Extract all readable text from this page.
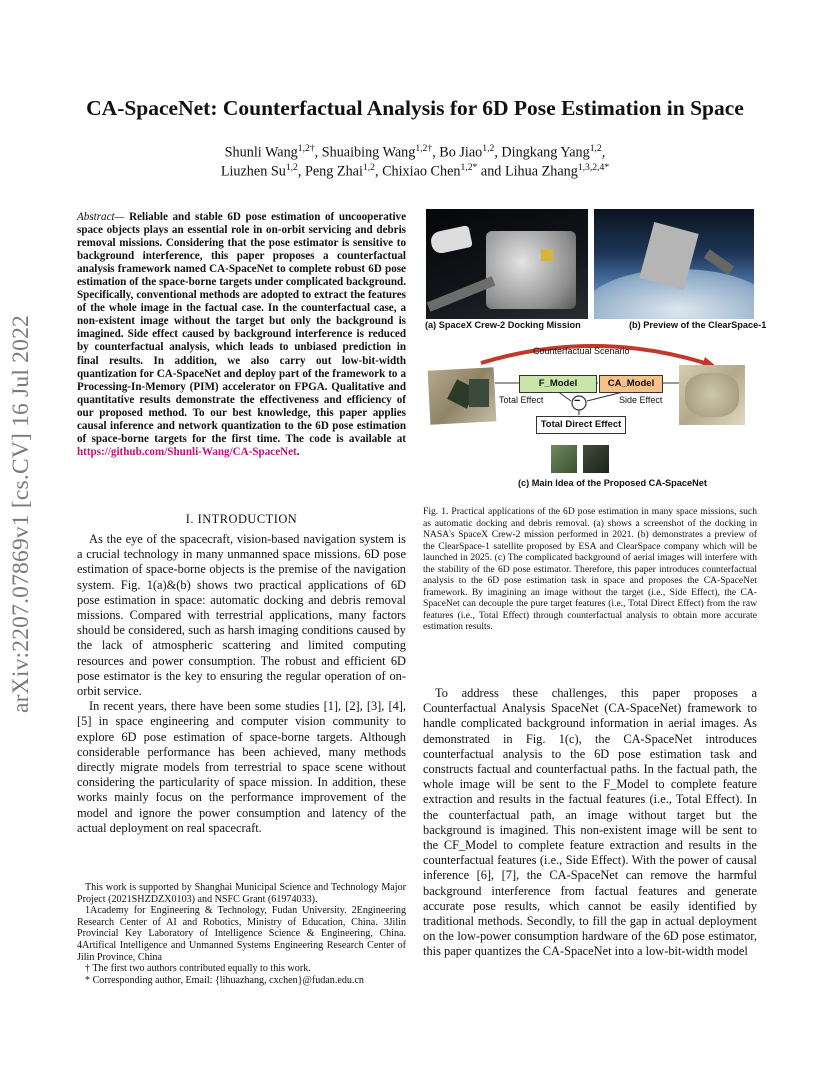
arXiv:2207.07869v1 [cs.CV] 16 Jul 2022
CA-SpaceNet: Counterfactual Analysis for 6D Pose Estimation in Space
Shunli Wang$^{1,2\dagger}$, Shuaibing Wang$^{1,2\dagger}$, Bo Jiao$^{1,2}$, Dingkang Yang$^{1,2}$,
Liuzhen Su$^{1,2}$, Peng Zhai$^{1,2}$, Chixiao Chen$^{1,2*}$ and Lihua Zhang$^{1,3,2,4*}$
Abstract— Reliable and stable 6D pose estimation of uncooperative space objects plays an essential role in on-orbit servicing and debris removal missions. Considering that the pose estimator is sensitive to background interference, this paper proposes a counterfactual analysis framework named CA-SpaceNet to complete robust 6D pose estimation of the space-borne targets under complicated background. Specifically, conventional methods are adopted to extract the features of the whole image in the factual case. In the counterfactual case, a non-existent image without the target but only the background is imagined. Side effect caused by background interference is reduced by counterfactual analysis, which leads to unbiased prediction in final results. In addition, we also carry out low-bit-width quantization for CA-SpaceNet and deploy part of the framework to a Processing-In-Memory (PIM) accelerator on FPGA. Qualitative and quantitative results demonstrate the effectiveness and efficiency of our proposed method. To our best knowledge, this paper applies causal inference and network quantization to the 6D pose estimation of space-borne targets for the first time. The code is available at https://github.com/Shunli-Wang/CA-SpaceNet.
I. INTRODUCTION

As the eye of the spacecraft, vision-based navigation system is a crucial technology in many unmanned space missions. 6D pose estimation of space-borne objects is the premise of the navigation system. Fig. 1(a)&(b) shows two practical applications of 6D pose estimation in space: automatic docking and debris removal missions. Compared with terrestrial applications, many factors should be considered, such as harsh imaging conditions caused by the lack of atmospheric scattering and limited computing resources and power consumption. The robust and efficient 6D pose estimator is the key to ensuring the regular operation of on-orbit service.

In recent years, there have been some studies [1], [2], [3], [4], [5] in space engineering and computer vision community to explore 6D pose estimation of space-borne targets. Although considerable performance has been achieved, many methods directly migrate models from terrestrial to space scene without considering the particularity of space mission. In addition, these works mainly focus on the performance improvement of the model and ignore the power consumption and latency of the actual deployment on real spacecraft.

This work is supported by Shanghai Municipal Science and Technology Major Project (2021SHZDZX0103) and NSFC Grant (61974033).

1Academy for Engineering & Technology, Fudan University. 2Engineering Research Center of AI and Robotics, Ministry of Education, China. 3Jilin Provincial Key Laboratory of Intelligence Science & Engineering, China. 4Artifical Intelligence and Unmanned Systems Engineering Research Center of Jilin Province, China

† The first two authors contributed equally to this work.

* Corresponding author, Email: {lihuazhang, cxchen}@fudan.edu.cn

(a) SpaceX Crew-2 Docking Mission	(b) Preview of the ClearSpace-1
F_Model	CA_Model
Counterfactual Scenario
Total Effect	Side Effect
−
Total Direct Effect
(c) Main Idea of the Proposed CA-SpaceNet
Fig. 1. Practical applications of the 6D pose estimation in many space missions, such as automatic docking and debris removal. (a) shows a screenshot of the docking in NASA's SpaceX Crew-2 mission performed in 2021. (b) demonstrates a preview of the ClearSpace-1 satellite proposed by ESA and ClearSpace company which will be launched in 2025. (c) The complicated background of aerial images will interfere with the stability of the 6D pose estimator. Therefore, this paper introduces counterfactual analysis to the 6D pose estimation task in space and proposes the CA-SpaceNet framework. By imagining an image without the target (i.e., Side Effect), the CA-SpaceNet can decouple the pure target features (i.e., Total Direct Effect) from the raw features (i.e., Total Effect) through counterfactual analysis to obtain more accurate estimation results.

To address these challenges, this paper proposes a Counterfactual Analysis SpaceNet (CA-SpaceNet) framework to handle complicated background information in aerial images. As demonstrated in Fig. 1(c), the CA-SpaceNet introduces counterfactual analysis to the 6D pose estimation task and constructs factual and counterfactual paths. In the factual path, the whole image will be sent to the F_Model to complete feature extraction and results in the factual features (i.e., Total Effect). In the counterfactual path, an image without target but the background is imagined. This non-existent image will be sent to the CF_Model to complete feature extraction and results in the counterfactual features (i.e., Side Effect). With the power of causal inference [6], [7], the CA-SpaceNet can remove the harmful background interference from factual features and generate accurate pose results, which cannot be easily identified by traditional methods. Secondly, to fill the gap in actual deployment on the low-power consumption hardware of the 6D pose estimator, this paper quantizes the CA-SpaceNet into a low-bit-width model
